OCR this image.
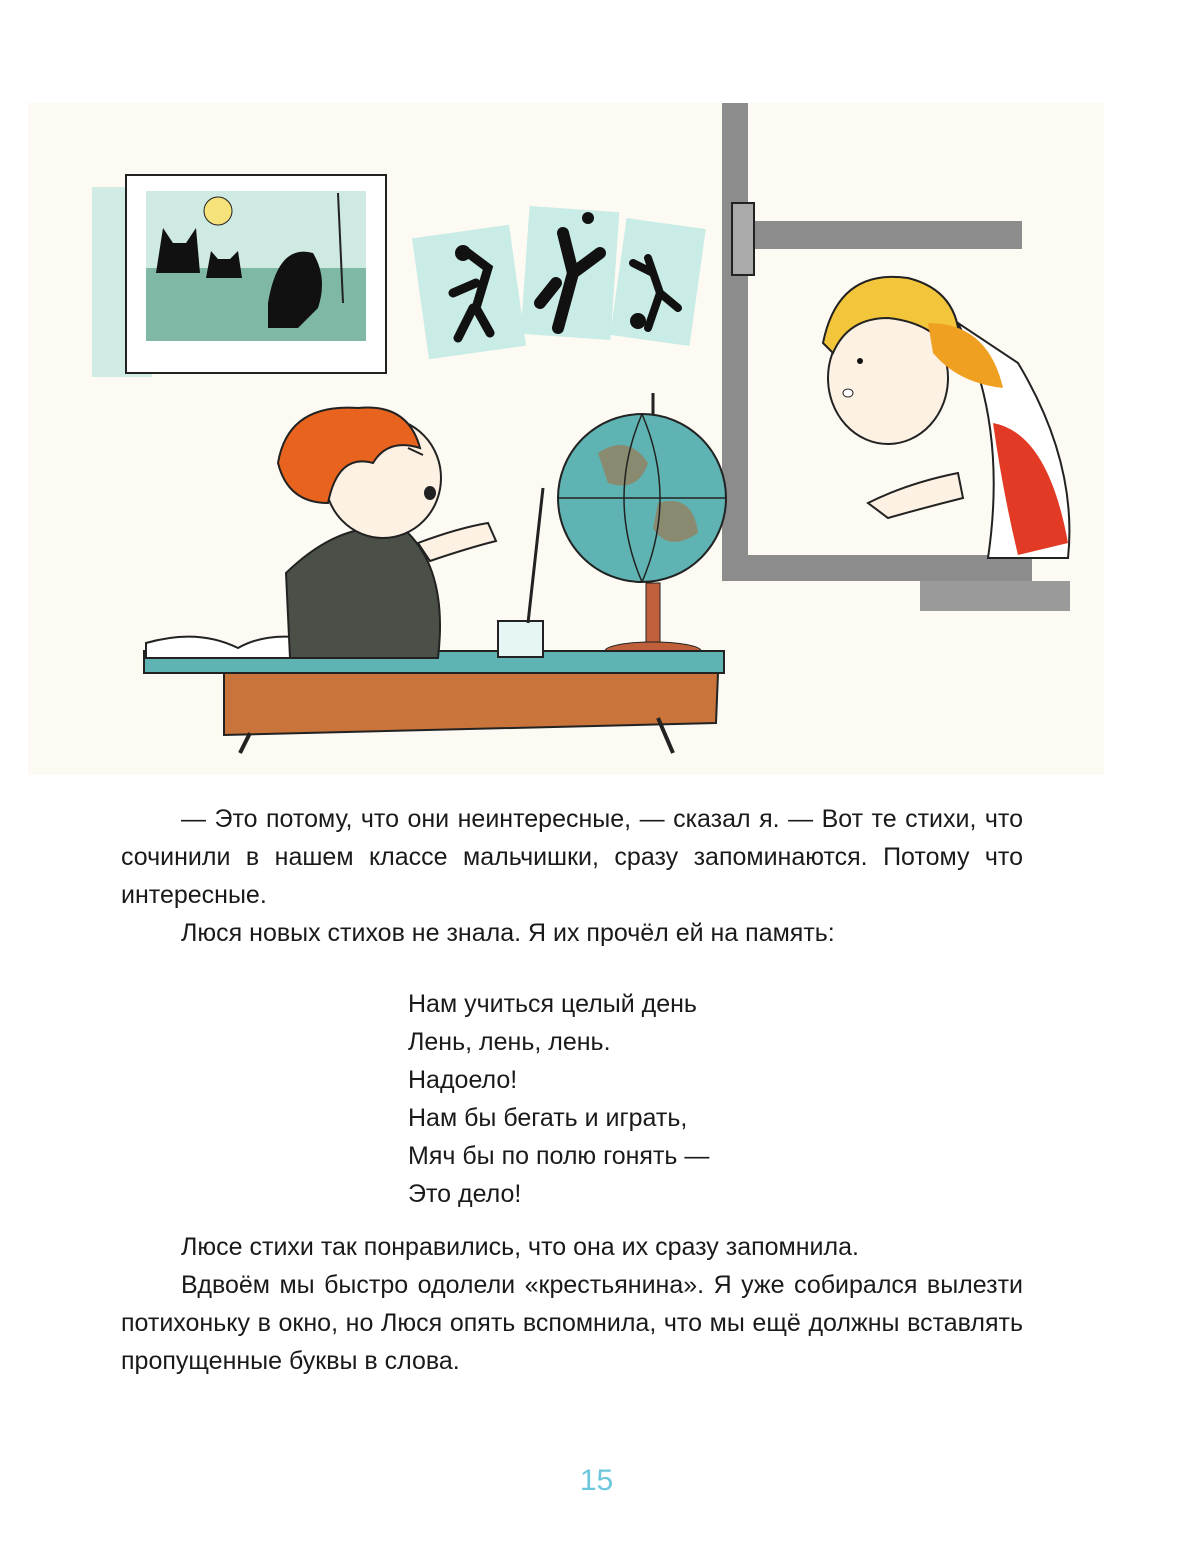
— Это потому, что они неинтересные, — сказал я. — Вот те стихи, что сочинили в нашем классе мальчишки, сразу запоминаются. Потому что интересные.

Люся новых стихов не знала. Я их прочёл ей на память:

Нам учиться целый день
Лень, лень, лень.
Надоело!
Нам бы бегать и играть,
Мяч бы по полю гонять —
Это дело!

Люсе стихи так понравились, что она их сразу запомнила.

Вдвоём мы быстро одолели «крестьянина». Я уже собирался вылезти потихоньку в окно, но Люся опять вспомнила, что мы ещё должны вставлять пропущенные буквы в слова.

15
